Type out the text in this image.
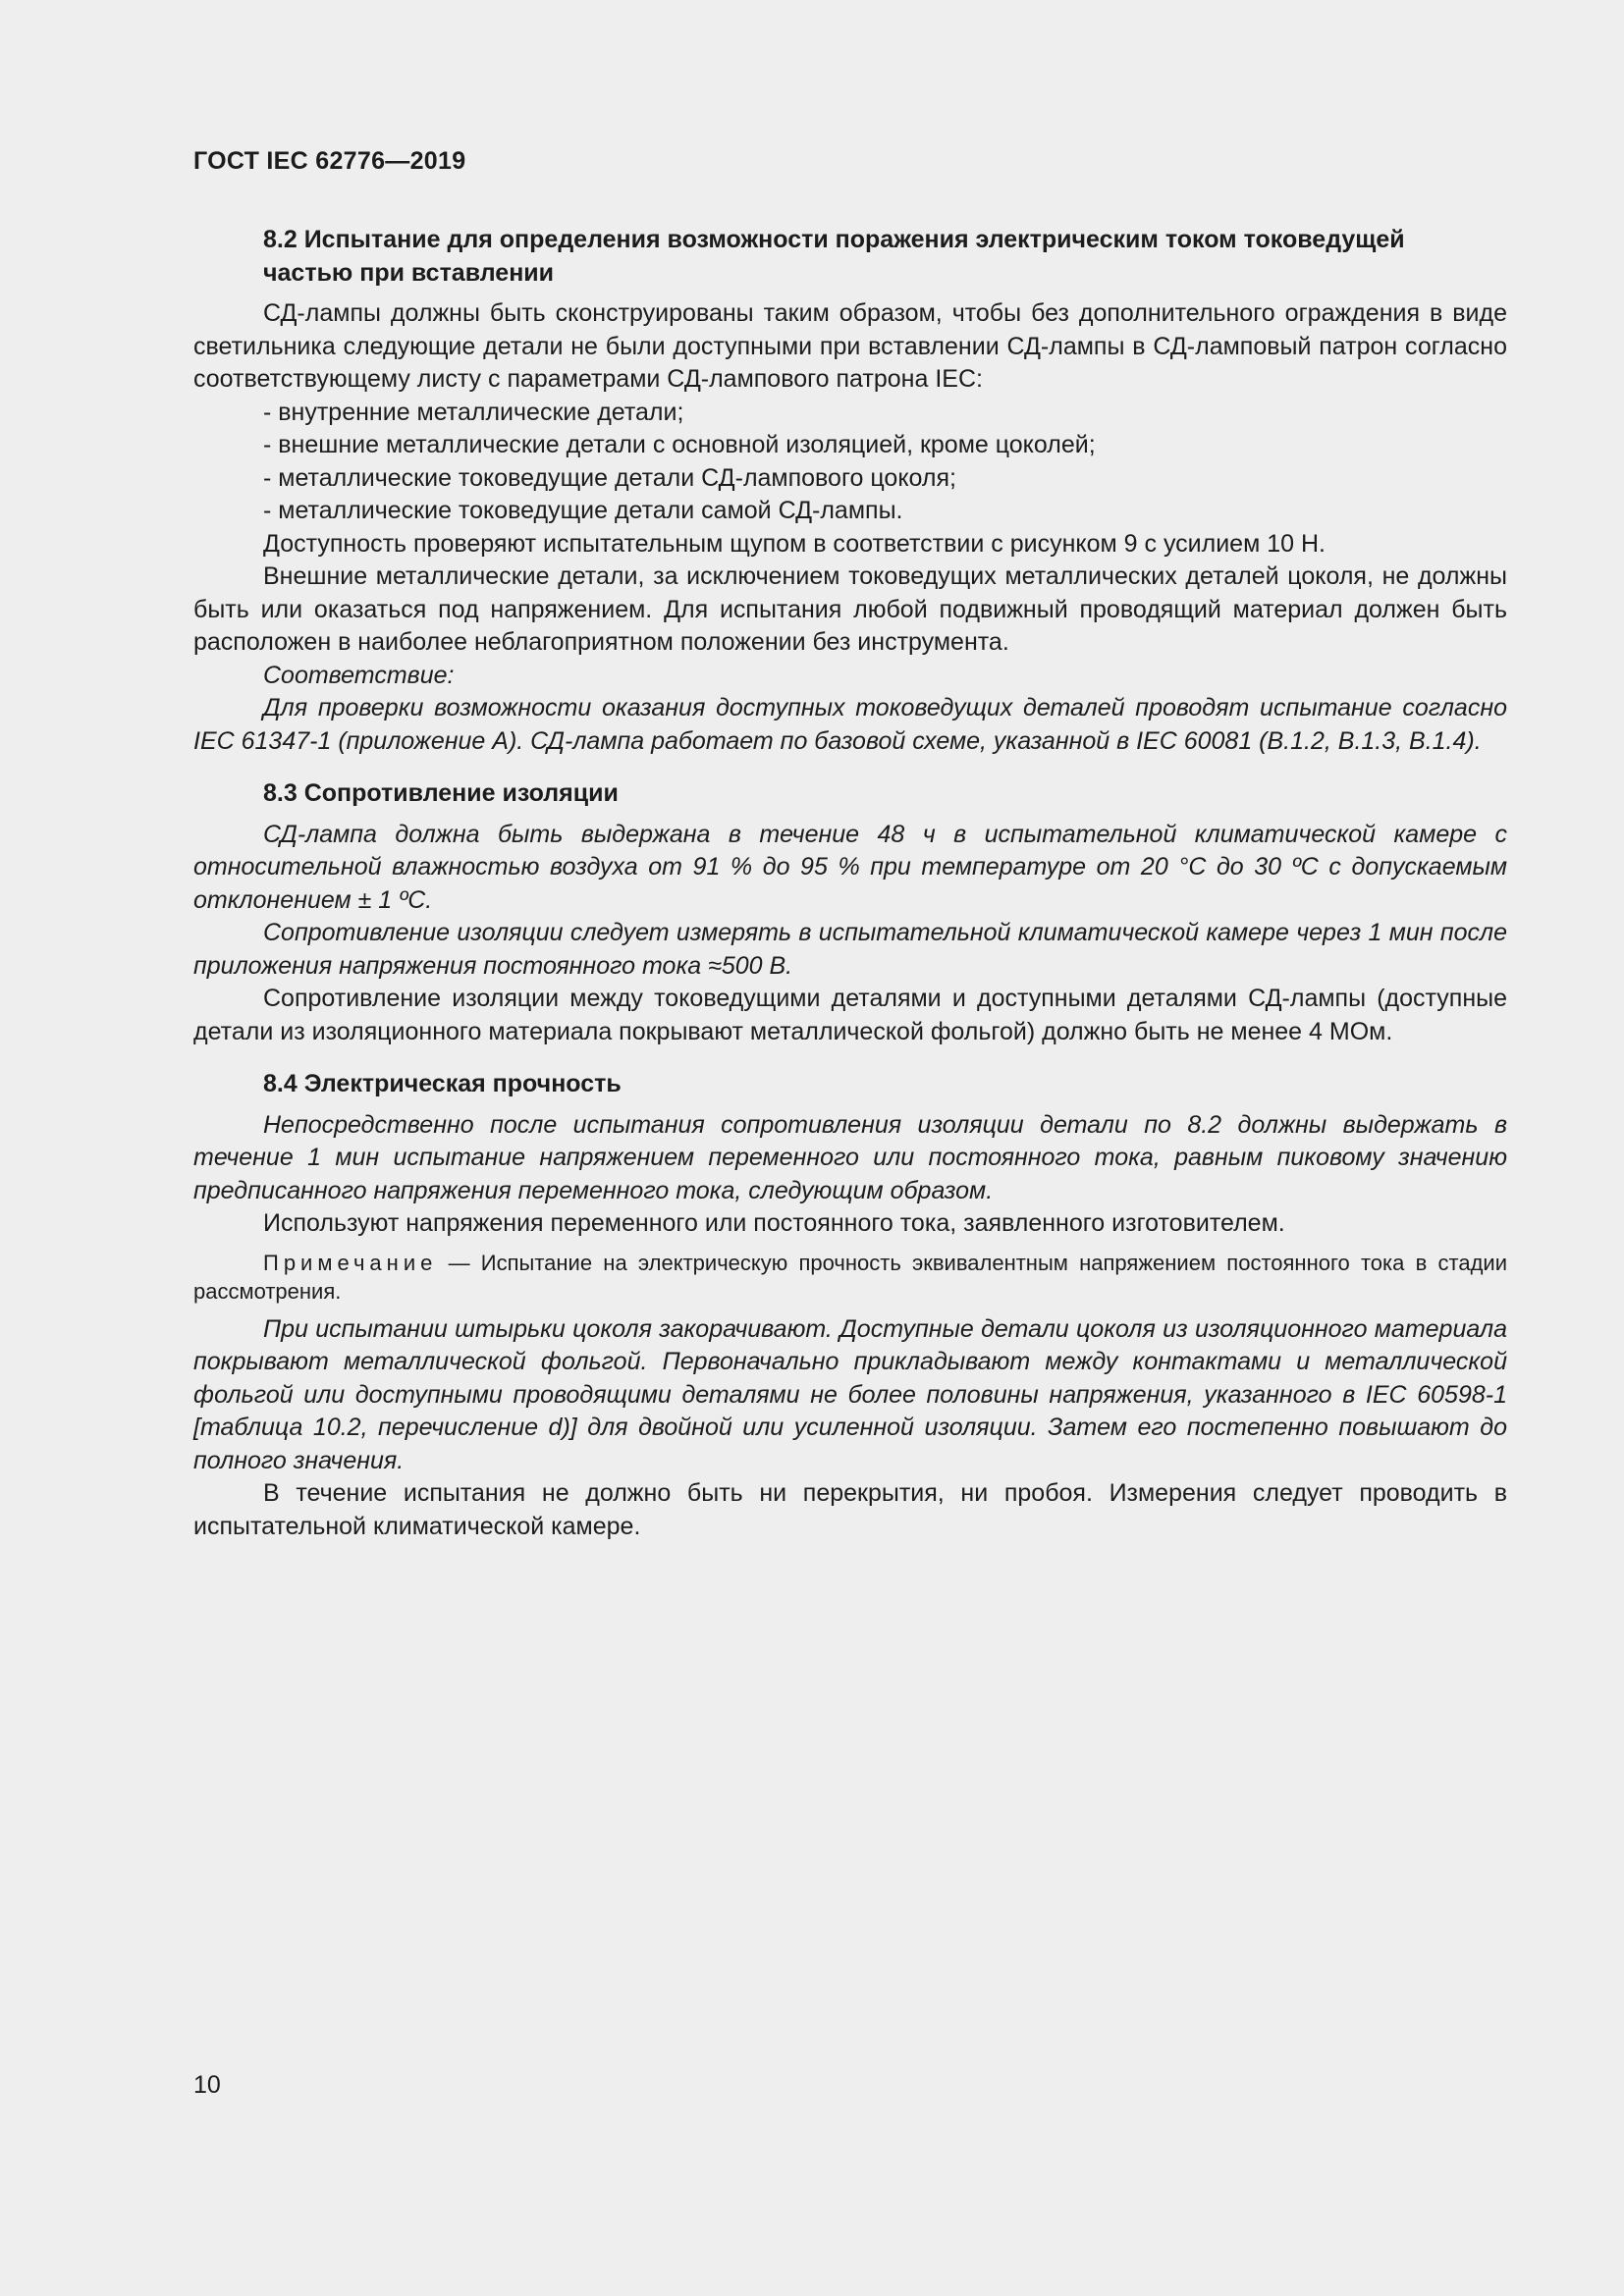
ГОСТ IEC 62776—2019

8.2 Испытание для определения возможности поражения электрическим током токоведущей
частью при вставлении

СД-лампы должны быть сконструированы таким образом, чтобы без дополнительного ограждения в виде светильника следующие детали не были доступными при вставлении СД-лампы в СД-ламповый патрон согласно соответствующему листу с параметрами СД-лампового патрона IEC:

- внутренние металлические детали;

- внешние металлические детали с основной изоляцией, кроме цоколей;

- металлические токоведущие детали СД-лампового цоколя;

- металлические токоведущие детали самой СД-лампы.

Доступность проверяют испытательным щупом в соответствии с рисунком 9 с усилием 10 Н.

Внешние металлические детали, за исключением токоведущих металлических деталей цоколя, не должны быть или оказаться под напряжением. Для испытания любой подвижный проводящий материал должен быть расположен в наиболее неблагоприятном положении без инструмента.

Соответствие:

Для проверки возможности оказания доступных токоведущих деталей проводят испытание согласно IEC 61347-1 (приложение А). СД-лампа работает по базовой схеме, указанной в IEC 60081 (B.1.2, B.1.3, B.1.4).

8.3 Сопротивление изоляции

СД-лампа должна быть выдержана в течение 48 ч в испытательной климатической камере с относительной влажностью воздуха от 91 % до 95 % при температуре от 20 °С до 30 ºС с допускаемым отклонением ± 1 ºС.

Сопротивление изоляции следует измерять в испытательной климатической камере через 1 мин после приложения напряжения постоянного тока ≈500 В.

Сопротивление изоляции между токоведущими деталями и доступными деталями СД-лампы (доступные детали из изоляционного материала покрывают металлической фольгой) должно быть не менее 4 МОм.

8.4 Электрическая прочность

Непосредственно после испытания сопротивления изоляции детали по 8.2 должны выдержать в течение 1 мин испытание напряжением переменного или постоянного тока, равным пиковому значению предписанного напряжения переменного тока, следующим образом.

Используют напряжения переменного или постоянного тока, заявленного изготовителем.

Примечание — Испытание на электрическую прочность эквивалентным напряжением постоянного тока в стадии рассмотрения.

При испытании штырьки цоколя закорачивают. Доступные детали цоколя из изоляционного материала покрывают металлической фольгой. Первоначально прикладывают между контактами и металлической фольгой или доступными проводящими деталями не более половины напряжения, указанного в IEC 60598-1 [таблица 10.2, перечисление d)] для двойной или усиленной изоляции. Затем его постепенно повышают до полного значения.

В течение испытания не должно быть ни перекрытия, ни пробоя. Измерения следует проводить в испытательной климатической камере.

10
